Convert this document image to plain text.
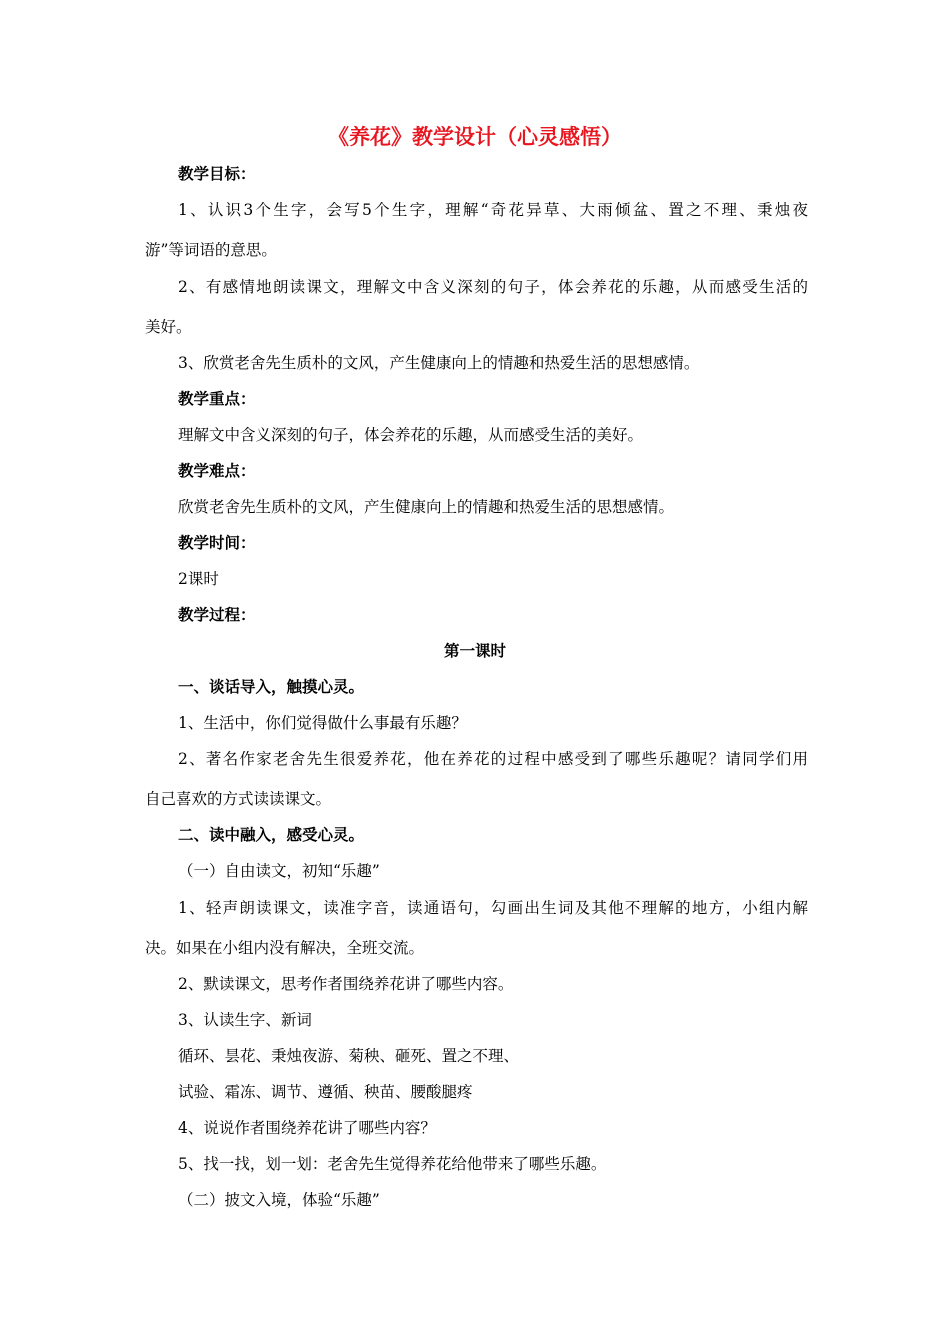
《养花》教学设计（心灵感悟）
教学目标：
1、认识3个生字，会写5个生字，理解“奇花异草、大雨倾盆、置之不理、秉烛夜
游”等词语的意思。
2、有感情地朗读课文，理解文中含义深刻的句子，体会养花的乐趣，从而感受生活的
美好。
3、欣赏老舍先生质朴的文风，产生健康向上的情趣和热爱生活的思想感情。
教学重点：
理解文中含义深刻的句子，体会养花的乐趣，从而感受生活的美好。
教学难点：
欣赏老舍先生质朴的文风，产生健康向上的情趣和热爱生活的思想感情。
教学时间：
2课时
教学过程：
第一课时
一、谈话导入，触摸心灵。
1、生活中，你们觉得做什么事最有乐趣？
2、著名作家老舍先生很爱养花，他在养花的过程中感受到了哪些乐趣呢？请同学们用
自己喜欢的方式读读课文。
二、读中融入，感受心灵。
（一）自由读文，初知“乐趣”
1、轻声朗读课文，读准字音，读通语句，勾画出生词及其他不理解的地方，小组内解
决。如果在小组内没有解决，全班交流。
2、默读课文，思考作者围绕养花讲了哪些内容。
3、认读生字、新词
循环、昙花、秉烛夜游、菊秧、砸死、置之不理、
试验、霜冻、调节、遵循、秧苗、腰酸腿疼
4、说说作者围绕养花讲了哪些内容？
5、找一找，划一划：老舍先生觉得养花给他带来了哪些乐趣。
（二）披文入境，体验“乐趣”
